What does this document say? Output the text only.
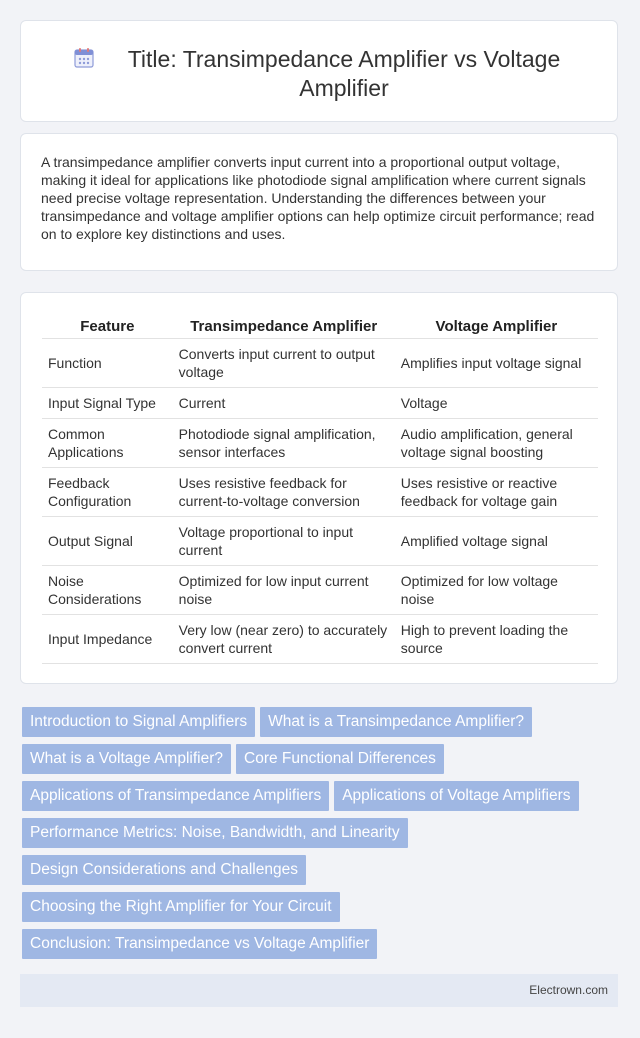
Title: Transimpedance Amplifier vs Voltage Amplifier

A transimpedance amplifier converts input current into a proportional output voltage, making it ideal for applications like photodiode signal amplification where current signals need precise voltage representation. Understanding the differences between your transimpedance and voltage amplifier options can help optimize circuit performance; read on to explore key distinctions and uses.

Feature	Transimpedance Amplifier	Voltage Amplifier
Function	Converts input current to output voltage	Amplifies input voltage signal
Input Signal Type	Current	Voltage
Common Applications	Photodiode signal amplification, sensor interfaces	Audio amplification, general voltage signal boosting
Feedback Configuration	Uses resistive feedback for current-to-voltage conversion	Uses resistive or reactive feedback for voltage gain
Output Signal	Voltage proportional to input current	Amplified voltage signal
Noise Considerations	Optimized for low input current noise	Optimized for low voltage noise
Input Impedance	Very low (near zero) to accurately convert current	High to prevent loading the source
Introduction to Signal Amplifiers What is a Transimpedance Amplifier?
What is a Voltage Amplifier? Core Functional Differences
Applications of Transimpedance Amplifiers Applications of Voltage Amplifiers
Performance Metrics: Noise, Bandwidth, and Linearity
Design Considerations and Challenges
Choosing the Right Amplifier for Your Circuit
Conclusion: Transimpedance vs Voltage Amplifier
Electrown.com
